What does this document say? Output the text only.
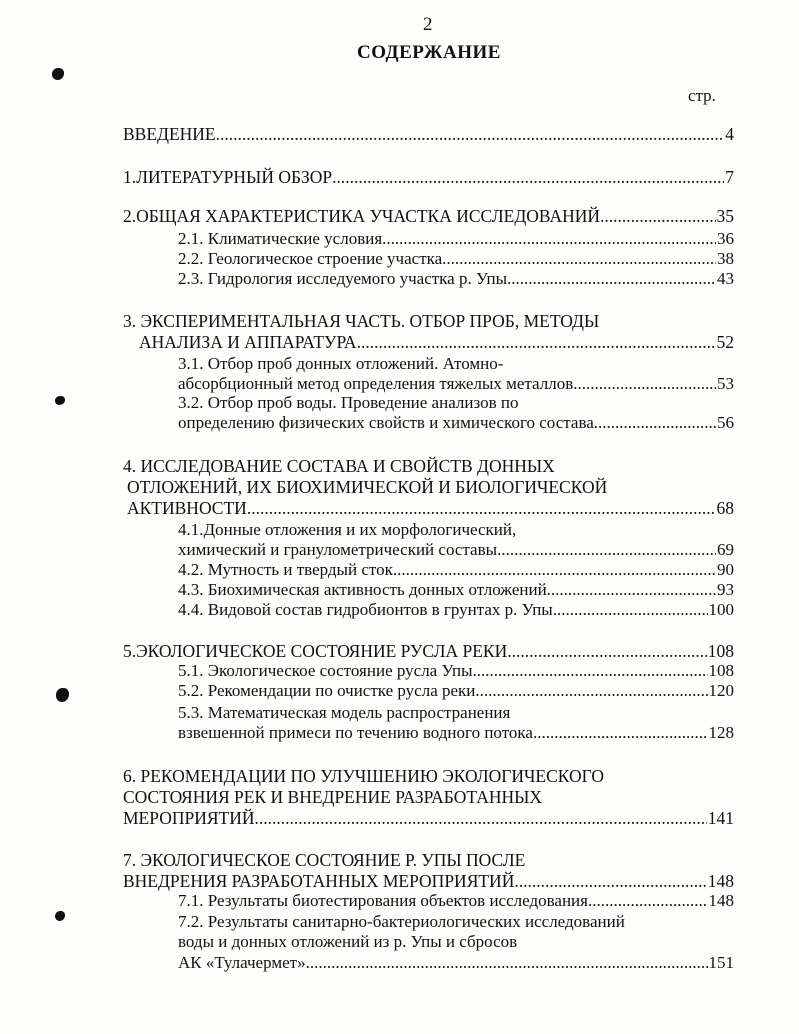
2
СОДЕРЖАНИЕ
стр.
ВВЕДЕНИЕ .....	4
1.ЛИТЕРАТУРНЫЙ ОБЗОР .....	7
2.ОБЩАЯ ХАРАКТЕРИСТИКА УЧАСТКА ИССЛЕДОВАНИЙ .....	35
2.1. Климатические условия .....	36
2.2. Геологическое строение участка .....	38
2.3. Гидрология исследуемого участка р. Упы .....	43
3. ЭКСПЕРИМЕНТАЛЬНАЯ ЧАСТЬ. ОТБОР ПРОБ, МЕТОДЫ
АНАЛИЗА И АППАРАТУРА .....	52
3.1. Отбор проб донных отложений. Атомно-
абсорбционный метод определения тяжелых металлов .....	53
3.2. Отбор проб воды. Проведение анализов по
определению физических свойств и химического состава .....	56
4. ИССЛЕДОВАНИЕ СОСТАВА И СВОЙСТВ ДОННЫХ
ОТЛОЖЕНИЙ, ИХ БИОХИМИЧЕСКОЙ И БИОЛОГИЧЕСКОЙ
АКТИВНОСТИ .....	68
4.1.Донные отложения и их морфологический,
химический и гранулометрический составы .....	69
4.2. Мутность и твердый сток .....	90
4.3. Биохимическая активность донных отложений .....	93
4.4. Видовой состав гидробионтов в грунтах р. Упы .....	100
5.ЭКОЛОГИЧЕСКОЕ СОСТОЯНИЕ РУСЛА РЕКИ .....	108
5.1. Экологическое состояние русла Упы .....	108
5.2. Рекомендации по очистке русла реки .....	120
5.3. Математическая модель распространения
взвешенной примеси по течению водного потока .....	128
6. РЕКОМЕНДАЦИИ ПО УЛУЧШЕНИЮ ЭКОЛОГИЧЕСКОГО
СОСТОЯНИЯ РЕК И ВНЕДРЕНИЕ РАЗРАБОТАННЫХ
МЕРОПРИЯТИЙ .....	141
7. ЭКОЛОГИЧЕСКОЕ СОСТОЯНИЕ Р. УПЫ ПОСЛЕ
ВНЕДРЕНИЯ РАЗРАБОТАННЫХ МЕРОПРИЯТИЙ .....	148
7.1. Результаты биотестирования объектов исследования .....	148
7.2. Результаты санитарно-бактериологических исследований
воды и донных отложений из р. Упы и сбросов
АК «Тулачермет» .....	151
